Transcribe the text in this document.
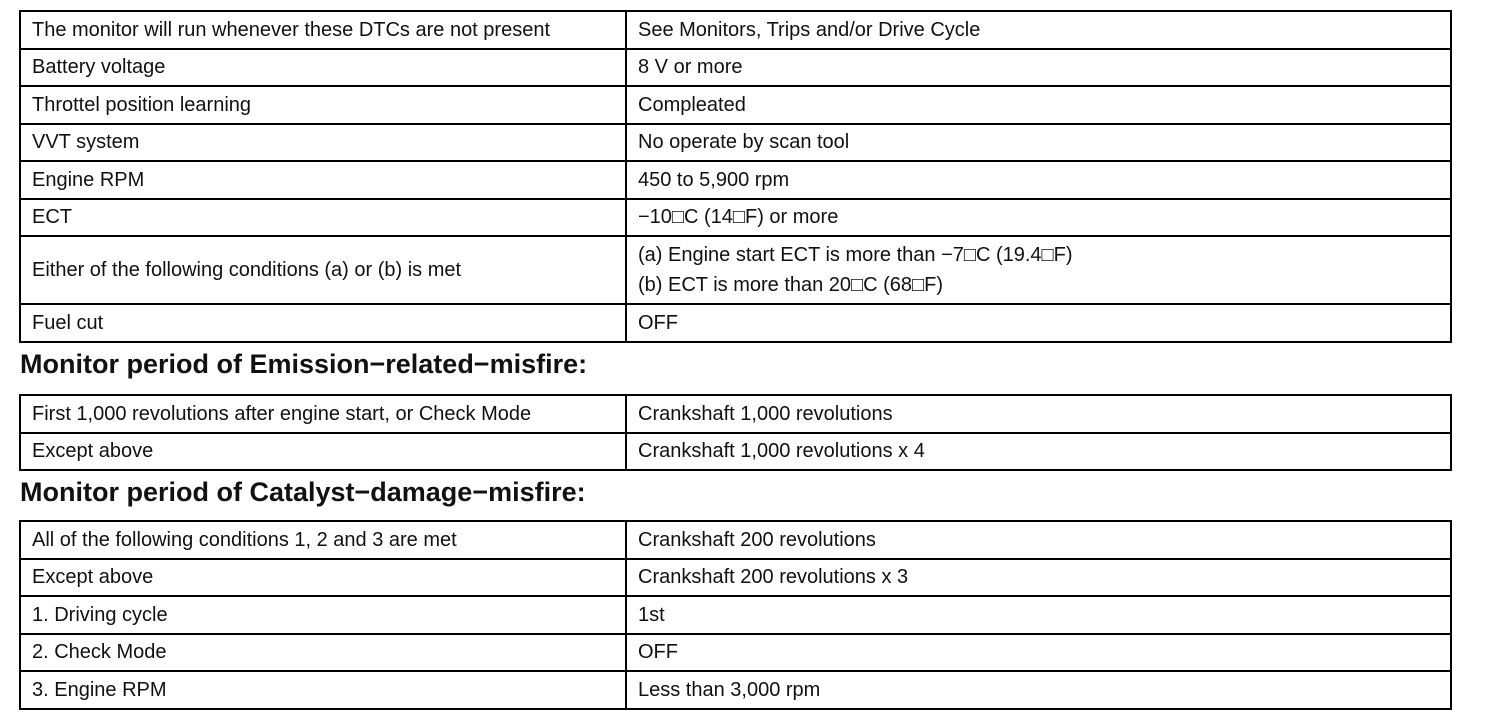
The monitor will run whenever these DTCs are not present	See Monitors, Trips and/or Drive Cycle
Battery voltage	8 V or more
Throttel position learning	Compleated
VVT system	No operate by scan tool
Engine RPM	450 to 5,900 rpm
ECT	−10□C (14□F) or more
Either of the following conditions (a) or (b) is met	(a) Engine start ECT is more than −7□C (19.4□F)
(b) ECT is more than 20□C (68□F)

Fuel cut	OFF
Monitor period of Emission−related−misfire:
First 1,000 revolutions after engine start, or Check Mode	Crankshaft 1,000 revolutions
Except above	Crankshaft 1,000 revolutions x 4
Monitor period of Catalyst−damage−misfire:
All of the following conditions 1, 2 and 3 are met	Crankshaft 200 revolutions
Except above	Crankshaft 200 revolutions x 3
1. Driving cycle	1st
2. Check Mode	OFF
3. Engine RPM	Less than 3,000 rpm
